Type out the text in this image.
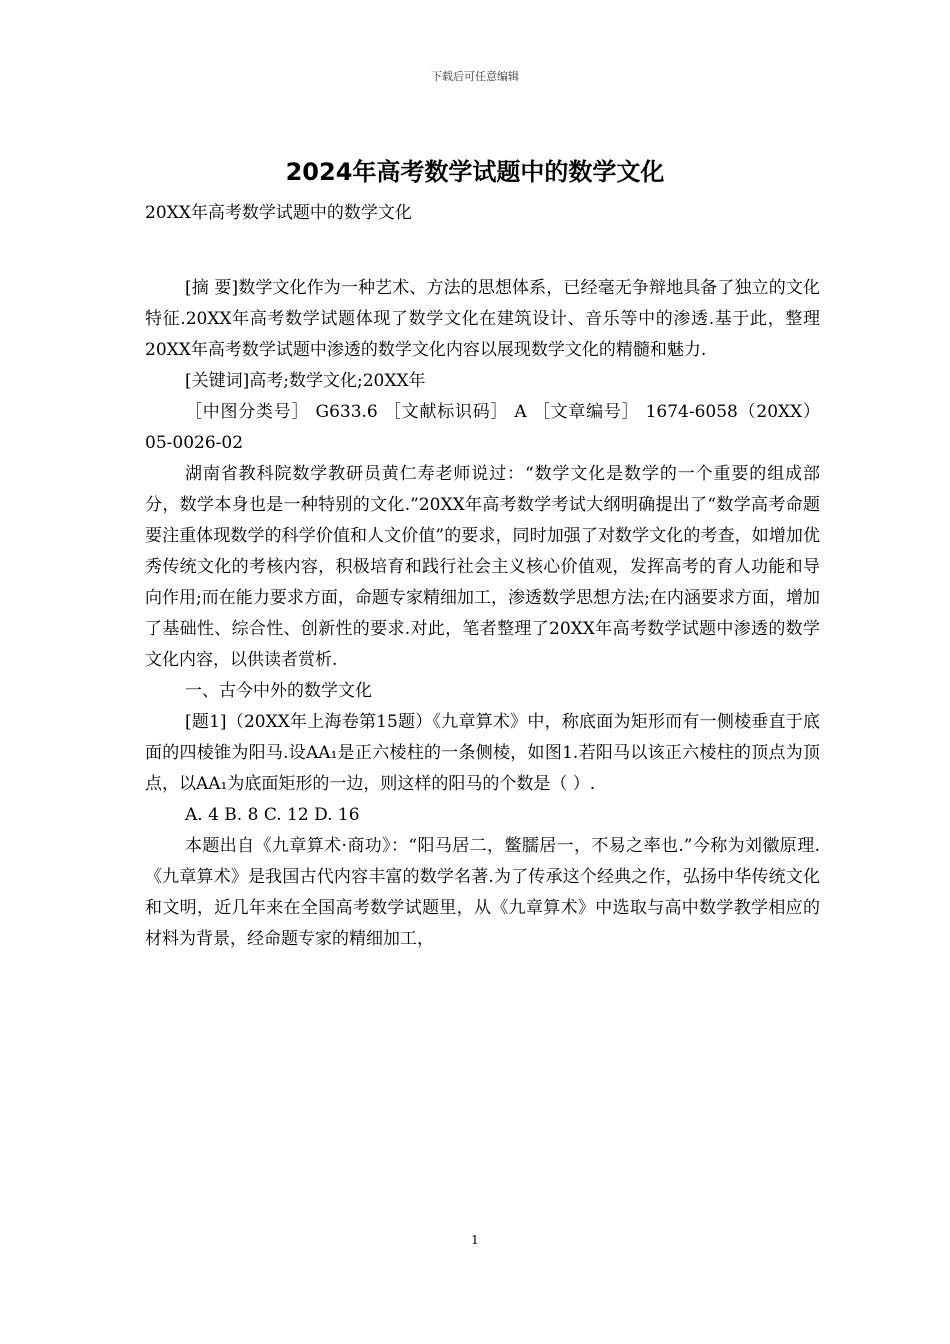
下载后可任意编辑
2024年高考数学试题中的数学文化

20XX年高考数学试题中的数学文化

[摘 要]数学文化作为一种艺术、方法的思想体系，已经毫无争辩地具备了独立的文化特征.20XX年高考数学试题体现了数学文化在建筑设计、音乐等中的渗透.基于此，整理20XX年高考数学试题中渗透的数学文化内容以展现数学文化的精髓和魅力.

[关键词]高考;数学文化;20XX年

［中图分类号］ G633.6 ［文献标识码］ A ［文章编号］ 1674-6058（20XX）05-0026-02

湖南省教科院数学教研员黄仁寿老师说过：“数学文化是数学的一个重要的组成部分，数学本身也是一种特别的文化.”20XX年高考数学考试大纲明确提出了“数学高考命题要注重体现数学的科学价值和人文价值”的要求，同时加强了对数学文化的考查，如增加优秀传统文化的考核内容，积极培育和践行社会主义核心价值观，发挥高考的育人功能和导向作用;而在能力要求方面，命题专家精细加工，渗透数学思想方法;在内涵要求方面，增加了基础性、综合性、创新性的要求.对此，笔者整理了20XX年高考数学试题中渗透的数学文化内容，以供读者赏析.

一、古今中外的数学文化

[题1]（20XX年上海卷第15题）《九章算术》中，称底面为矩形而有一侧棱垂直于底面的四棱锥为阳马.设AA₁是正六棱柱的一条侧棱，如图1.若阳马以该正六棱柱的顶点为顶点，以AA₁为底面矩形的一边，则这样的阳马的个数是（ ）.

A. 4 B. 8 C. 12 D. 16

本题出自《九章算术·商功》：“阳马居二，鳖臑居一，不易之率也.”今称为刘徽原理.《九章算术》是我国古代内容丰富的数学名著.为了传承这个经典之作，弘扬中华传统文化和文明，近几年来在全国高考数学试题里，从《九章算术》中选取与高中数学教学相应的材料为背景，经命题专家的精细加工，

1
